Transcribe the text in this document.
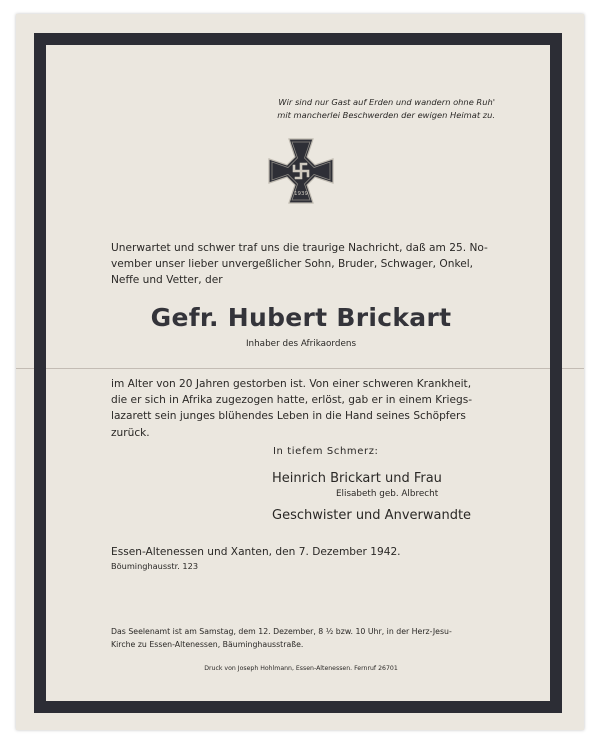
Wir sind nur Gast auf Erden und wandern ohne Ruh'
mit mancherlei Beschwerden der ewigen Heimat zu.

1939

Unerwartet und schwer traf uns die traurige Nachricht, daß am 25. No-
vember unser lieber unvergeßlicher Sohn, Bruder, Schwager, Onkel,
Neffe und Vetter, der

Gefr. Hubert Brickart

Inhaber des Afrikaordens

im Alter von 20 Jahren gestorben ist. Von einer schweren Krankheit,
die er sich in Afrika zugezogen hatte, erlöst, gab er in einem Kriegs-
lazarett sein junges blühendes Leben in die Hand seines Schöpfers
zurück.

In tiefem Schmerz:

Heinrich Brickart und Frau

Elisabeth geb. Albrecht

Geschwister und Anverwandte

Essen-Altenessen und Xanten, den 7. Dezember 1942.

Böuminghausstr. 123

Das Seelenamt ist am Samstag, dem 12. Dezember, 8 ½ bzw. 10 Uhr, in der Herz-Jesu-
Kirche zu Essen-Altenessen, Bäuminghausstraße.

Druck von Joseph Hohlmann, Essen-Altenessen. Fernruf 26701
